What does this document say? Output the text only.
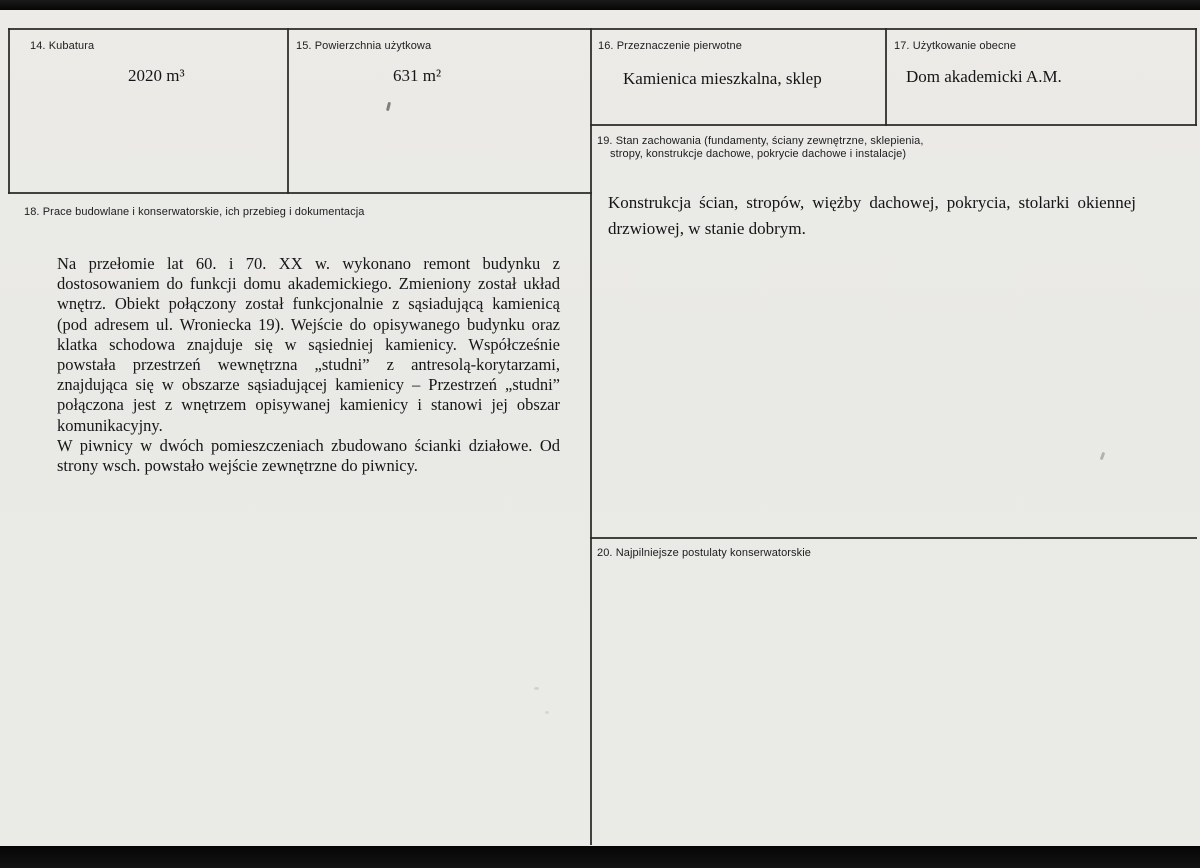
14. Kubatura
2020 m³
15. Powierzchnia użytkowa
631 m²
16. Przeznaczenie pierwotne
Kamienica mieszkalna, sklep
17. Użytkowanie obecne
Dom akademicki A.M.
19. Stan zachowania (fundamenty, ściany zewnętrzne, sklepienia,
stropy, konstrukcje dachowe, pokrycie dachowe i instalacje)
Konstrukcja ścian, stropów, więżby dachowej, pokrycia, stolarki okiennej drzwiowej, w stanie dobrym.
18. Prace budowlane i konserwatorskie, ich przebieg i dokumentacja

Na przełomie lat 60. i 70. XX w. wykonano remont budynku z dostosowaniem do funkcji domu akademickiego. Zmieniony został układ wnętrz. Obiekt połączony został funkcjonalnie z sąsiadującą kamienicą (pod adresem ul. Wroniecka 19). Wejście do opisywanego budynku oraz klatka schodowa znajduje się w sąsiedniej kamienicy. Współcześnie powstała przestrzeń wewnętrzna „studni” z antresolą-korytarzami, znajdująca się w obszarze sąsiadującej kamienicy – Przestrzeń „studni” połączona jest z wnętrzem opisywanej kamienicy i stanowi jej obszar komunikacyjny.

W piwnicy w dwóch pomieszczeniach zbudowano ścianki działowe. Od strony wsch. powstało wejście zewnętrzne do piwnicy.

20. Najpilniejsze postulaty konserwatorskie
